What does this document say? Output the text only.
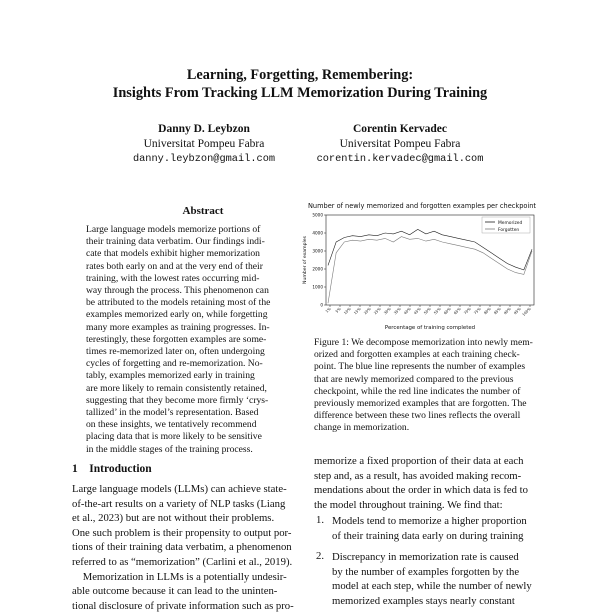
Learning, Forgetting, Remembering:
Insights From Tracking LLM Memorization During Training
Danny D. Leybzon
Universitat Pompeu Fabra
danny.leybzon@gmail.com
Corentin Kervadec
Universitat Pompeu Fabra
corentin.kervadec@gmail.com
Abstract
Large language models memorize portions of
their training data verbatim. Our findings indi-
cate that models exhibit higher memorization
rates both early on and at the very end of their
training, with the lowest rates occurring mid-
way through the process. This phenomenon can
be attributed to the models retaining most of the
examples memorized early on, while forgetting
many more examples as training progresses. In-
terestingly, these forgotten examples are some-
times re-memorized later on, often undergoing
cycles of forgetting and re-memorization. No-
tably, examples memorized early in training
are more likely to remain consistently retained,
suggesting that they become more firmly ‘crys-
tallized’ in the model’s representation. Based
on these insights, we tentatively recommend
placing data that is more likely to be sensitive
in the middle stages of the training process.
1 Introduction
Large language models (LLMs) can achieve state-
of-the-art results on a variety of NLP tasks (Liang
et al., 2023) but are not without their problems.
One such problem is their propensity to output por-
tions of their training data verbatim, a phenomenon
referred to as “memorization” (Carlini et al., 2019).
Memorization in LLMs is a potentially undesir-
able outcome because it can lead to the uninten-
tional disclosure of private information such as pro-
Number of newly memorized and forgotten examples per checkpoint
0
1000
2000
3000
4000
5000
1% 5% 10% 15% 20% 25% 30% 35% 40% 45% 50% 55% 60% 65% 70% 75% 80% 85% 90% 95% 100%
Number of examples
Percentage of training completed
Memorized
Forgotten
Figure 1: We decompose memorization into newly mem-
orized and forgotten examples at each training check-
point. The blue line represents the number of examples
that are newly memorized compared to the previous
checkpoint, while the red line indicates the number of
previously memorized examples that are forgotten. The
difference between these two lines reflects the overall
change in memorization.
memorize a fixed proportion of their data at each
step and, as a result, has avoided making recom-
mendations about the order in which data is fed to
the model throughout training. We find that:
1. Models tend to memorize a higher proportion
of their training data early on during training
2. Discrepancy in memorization rate is caused
by the number of examples forgotten by the
model at each step, while the number of newly
memorized examples stays nearly constant
